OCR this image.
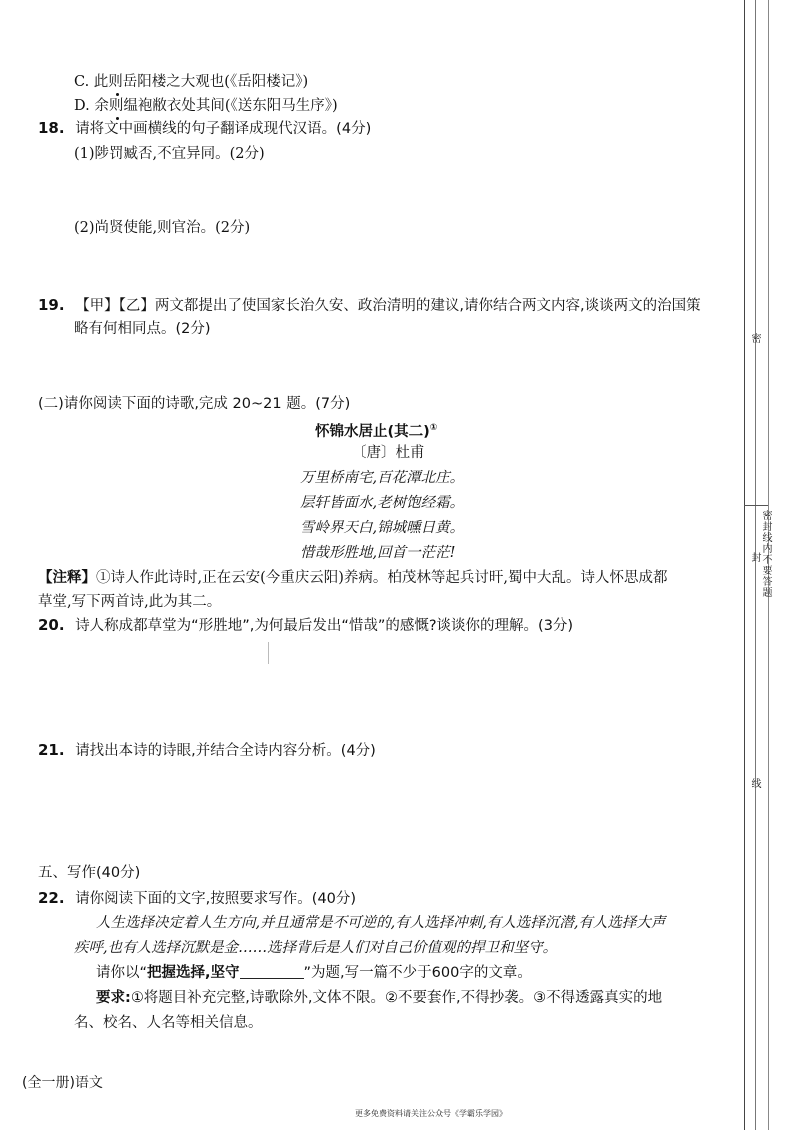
C. 此则岳阳楼之大观也(《岳阳楼记》)
D. 余则缊袍敝衣处其间(《送东阳马生序》)
18. 请将文中画横线的句子翻译成现代汉语。(4分)
(1)陟罚臧否,不宜异同。(2分)
(2)尚贤使能,则官治。(2分)
19. 【甲】【乙】两文都提出了使国家长治久安、政治清明的建议,请你结合两文内容,谈谈两文的治国策
略有何相同点。(2分)
(二)请你阅读下面的诗歌,完成 20~21 题。(7分)
怀锦水居止(其二)①
〔唐〕杜甫
万里桥南宅,百花潭北庄。
层轩皆面水,老树饱经霜。
雪岭界天白,锦城曛日黄。
惜哉形胜地,回首一茫茫!
【注释】①诗人作此诗时,正在云安(今重庆云阳)养病。柏茂林等起兵讨旰,蜀中大乱。诗人怀思成都
草堂,写下两首诗,此为其二。
20. 诗人称成都草堂为“形胜地”,为何最后发出“惜哉”的感慨?谈谈你的理解。(3分)
21. 请找出本诗的诗眼,并结合全诗内容分析。(4分)
五、写作(40分)
22. 请你阅读下面的文字,按照要求写作。(40分)
人生选择决定着人生方向,并且通常是不可逆的,有人选择冲刺,有人选择沉潜,有人选择大声
疾呼,也有人选择沉默是金……选择背后是人们对自己价值观的捍卫和坚守。
请你以“把握选择,坚守	”为题,写一篇不少于600字的文章。
要求:①将题目补充完整,诗歌除外,文体不限。②不要套作,不得抄袭。③不得透露真实的地
名、校名、人名等相关信息。
(全一册)语文
更多免费资料请关注公众号《学霸乐学园》
密
密封线内不要答题
封
线
